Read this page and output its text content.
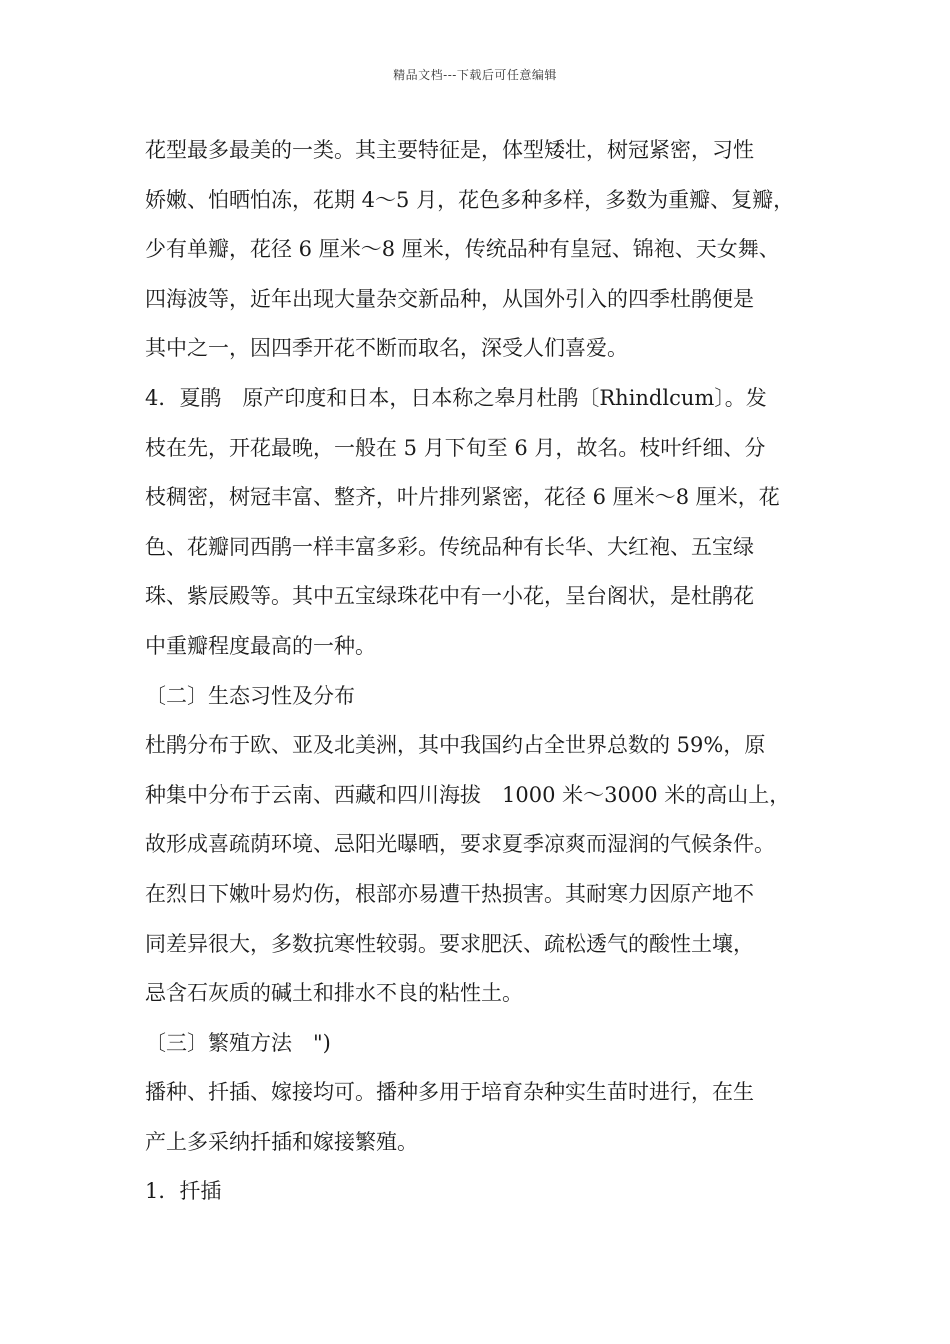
精品文档---下载后可任意编辑
花型最多最美的一类。其主要特征是，体型矮壮，树冠紧密，习性
娇嫩、怕晒怕冻，花期 4～5 月，花色多种多样，多数为重瓣、复瓣，
少有单瓣，花径 6 厘米～8 厘米，传统品种有皇冠、锦袍、天女舞、
四海波等，近年出现大量杂交新品种，从国外引入的四季杜鹃便是
其中之一，因四季开花不断而取名，深受人们喜爱。
4．夏鹃　原产印度和日本，日本称之皋月杜鹃〔Rhindlcum〕。发
枝在先，开花最晚，一般在 5 月下旬至 6 月，故名。枝叶纤细、分
枝稠密，树冠丰富、整齐，叶片排列紧密，花径 6 厘米～8 厘米，花
色、花瓣同西鹃一样丰富多彩。传统品种有长华、大红袍、五宝绿
珠、紫辰殿等。其中五宝绿珠花中有一小花，呈台阁状，是杜鹃花
中重瓣程度最高的一种。
〔二〕生态习性及分布
杜鹃分布于欧、亚及北美洲，其中我国约占全世界总数的 59%，原
种集中分布于云南、西藏和四川海拔　1000 米～3000 米的高山上，
故形成喜疏荫环境、忌阳光曝晒，要求夏季凉爽而湿润的气候条件。
在烈日下嫩叶易灼伤，根部亦易遭干热损害。其耐寒力因原产地不
同差异很大，多数抗寒性较弱。要求肥沃、疏松透气的酸性土壤，
忌含石灰质的碱土和排水不良的粘性土。
〔三〕繁殖方法　")
播种、扦插、嫁接均可。播种多用于培育杂种实生苗时进行，在生
产上多采纳扦插和嫁接繁殖。
1．扦插
